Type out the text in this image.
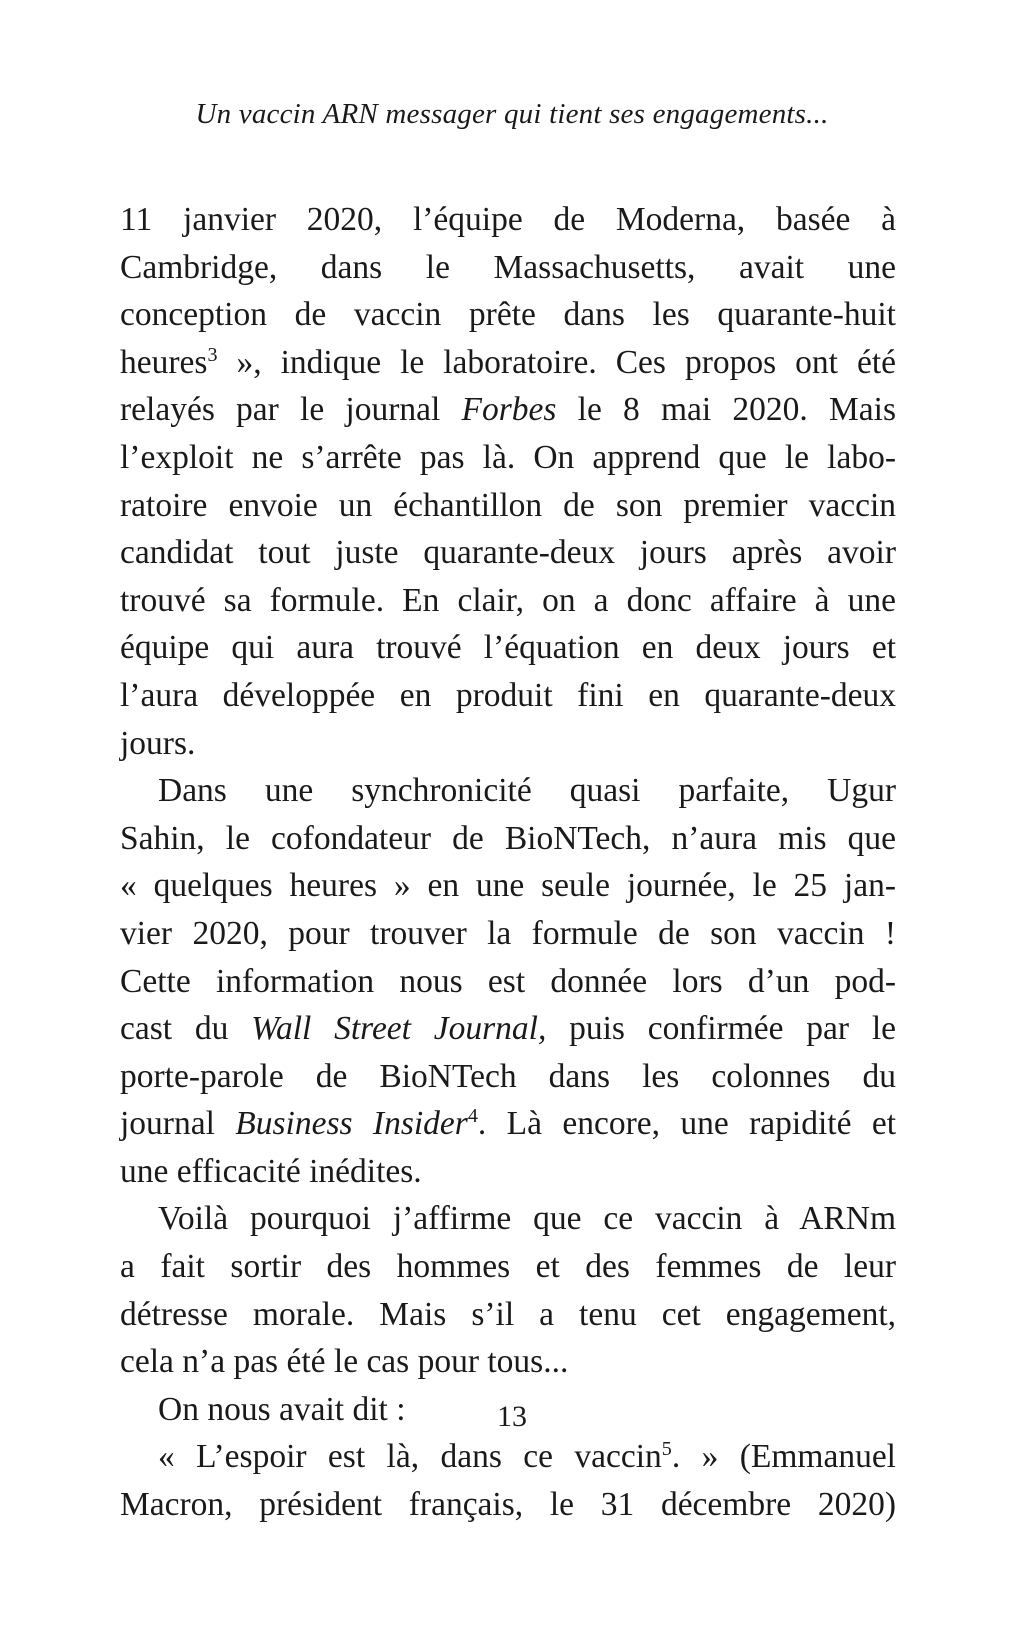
Un vaccin ARN messager qui tient ses engagements...
11 janvier 2020, l’équipe de Moderna, basée à
Cambridge, dans le Massachusetts, avait une
conception de vaccin prête dans les quarante-huit
heures$^3$ », indique le laboratoire. Ces propos ont été
relayés par le journal Forbes le 8 mai 2020. Mais
l’exploit ne s’arrête pas là. On apprend que le labo-
ratoire envoie un échantillon de son premier vaccin
candidat tout juste quarante-deux jours après avoir
trouvé sa formule. En clair, on a donc affaire à une
équipe qui aura trouvé l’équation en deux jours et
l’aura développée en produit fini en quarante-deux
jours.
Dans une synchronicité quasi parfaite, Ugur
Sahin, le cofondateur de BioNTech, n’aura mis que
« quelques heures » en une seule journée, le 25 jan-
vier 2020, pour trouver la formule de son vaccin !
Cette information nous est donnée lors d’un pod-
cast du Wall Street Journal, puis confirmée par le
porte-parole de BioNTech dans les colonnes du
journal Business Insider$^4$. Là encore, une rapidité et
une efficacité inédites.
Voilà pourquoi j’affirme que ce vaccin à ARNm
a fait sortir des hommes et des femmes de leur
détresse morale. Mais s’il a tenu cet engagement,
cela n’a pas été le cas pour tous...
On nous avait dit :
« L’espoir est là, dans ce vaccin$^5$. » (Emmanuel
Macron, président français, le 31 décembre 2020)
13
